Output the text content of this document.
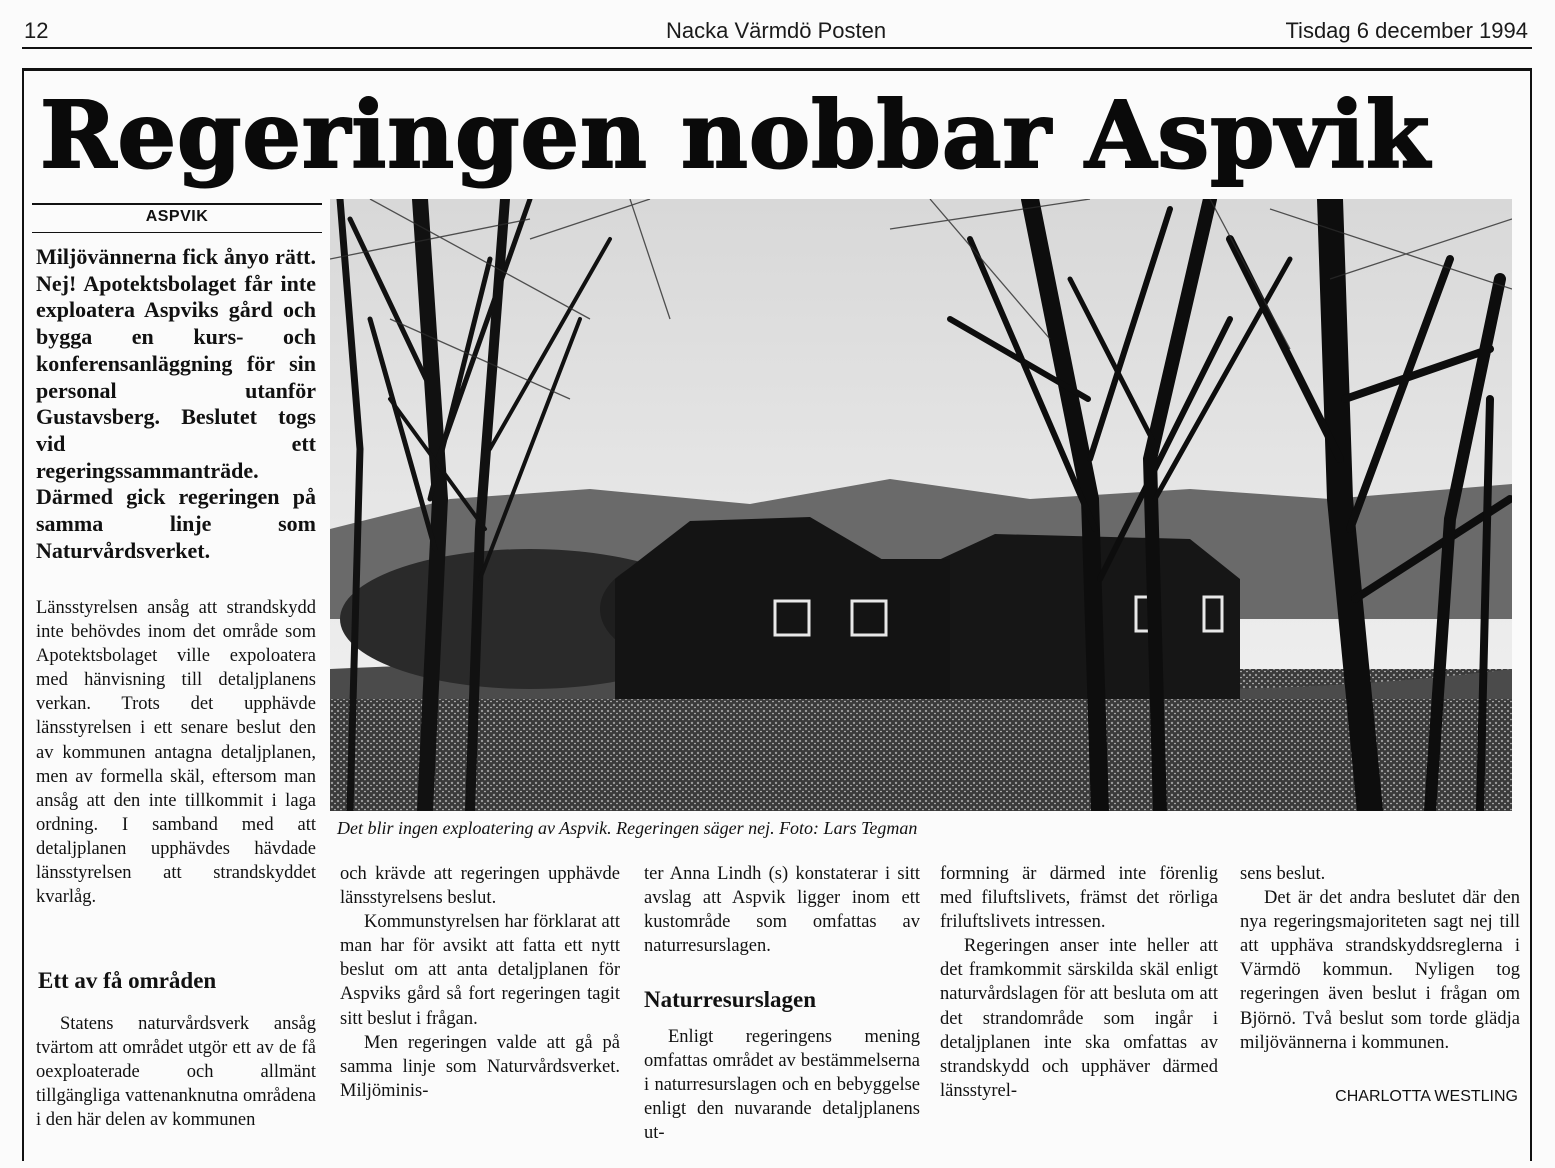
12	Nacka Värmdö Posten	Tisdag 6 december 1994
Regeringen nobbar Aspvik
ASPVIK

Miljövännerna fick ånyo rätt. Nej! Apotektsbolaget får inte exploatera Aspviks gård och bygga en kurs- och konferensanläggning för sin personal utanför Gustavsberg. Beslutet togs vid ett regeringssammanträde. Därmed gick regeringen på samma linje som Naturvårdsverket.

Länsstyrelsen ansåg att strandskydd inte behövdes inom det område som Apotektsbolaget ville expoloatera med hänvisning till detaljplanens verkan. Trots det upphävde länsstyrelsen i ett senare beslut den av kommunen antagna detaljplanen, men av formella skäl, eftersom man ansåg att den inte tillkommit i laga ordning. I samband med att detaljplanen upphävdes hävdade länsstyrelsen att strandskyddet kvarlåg.

Ett av få områden

Statens naturvårdsverk ansåg tvärtom att området utgör ett av de få oexploaterade och allmänt tillgängliga vattenanknutna områdena i den här delen av kommunen

Det blir ingen exploatering av Aspvik. Regeringen säger nej. Foto: Lars Tegman

och krävde att regeringen upphävde länsstyrelsens beslut.

Kommunstyrelsen har förklarat att man har för avsikt att fatta ett nytt beslut om att anta detaljplanen för Aspviks gård så fort regeringen tagit sitt beslut i frågan.

Men regeringen valde att gå på samma linje som Naturvårdsverket. Miljöminis-

ter Anna Lindh (s) konstaterar i sitt avslag att Aspvik ligger inom ett kustområde som omfattas av naturresurslagen.

Naturresurslagen

Enligt regeringens mening omfattas området av bestämmelserna i naturresurslagen och en bebyggelse enligt den nuvarande detaljplanens ut-

formning är därmed inte förenlig med filuftslivets, främst det rörliga friluftslivets intressen.

Regeringen anser inte heller att det framkommit särskilda skäl enligt naturvårdslagen för att besluta om att det strandområde som ingår i detaljplanen inte ska omfattas av strandskydd och upphäver därmed länsstyrel-

sens beslut.

Det är det andra beslutet där den nya regeringsmajoriteten sagt nej till att upphäva strandskyddsreglerna i Värmdö kommun. Nyligen tog regeringen även beslut i frågan om Björnö. Två beslut som torde glädja miljövännerna i kommunen.

CHARLOTTA WESTLING
